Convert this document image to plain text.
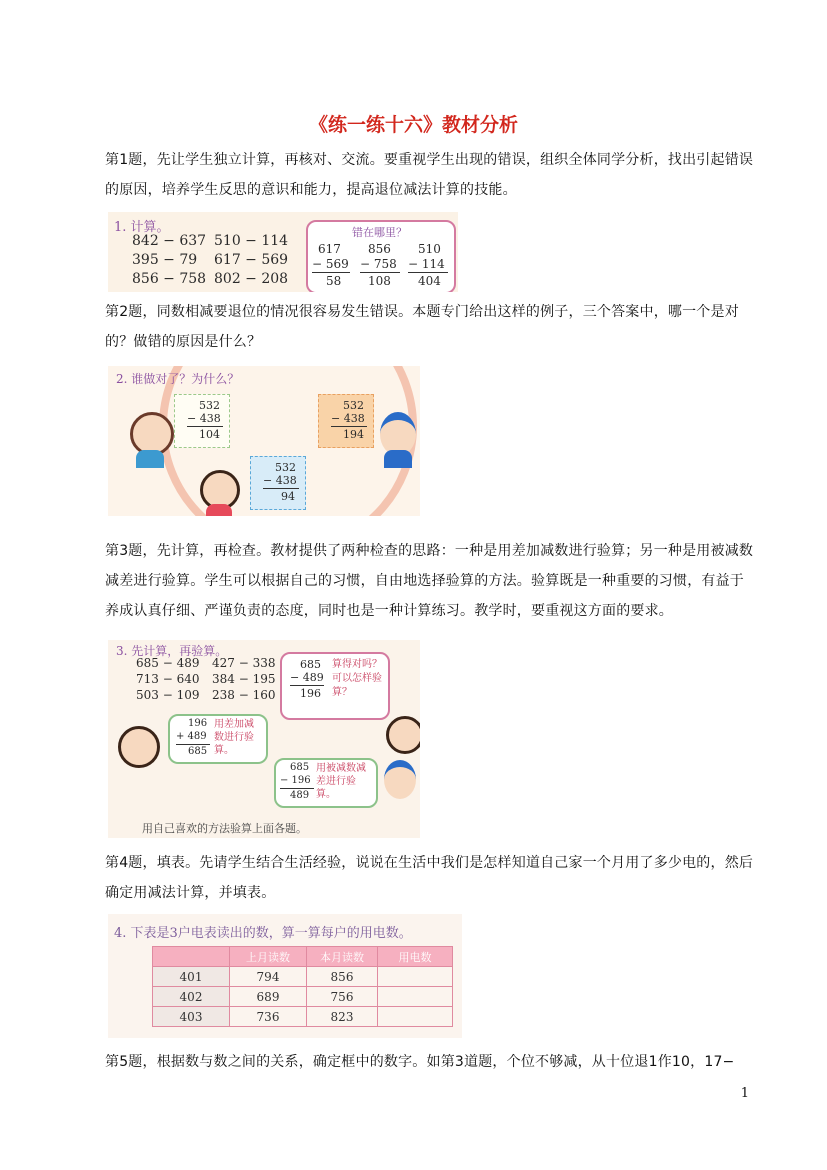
《练一练十六》教材分析
第1题，先让学生独立计算，再核对、交流。要重视学生出现的错误，组织全体同学分析，找出引起错误的原因，培养学生反思的意识和能力，提高退位减法计算的技能。
1. 计算。
842 − 637 510 − 114
395 − 79 617 − 569
856 − 758 802 − 208
错在哪里？
617
− 569
58
856
− 758
108
510
− 114
404
第2题，同数相减要退位的情况很容易发生错误。本题专门给出这样的例子，三个答案中，哪一个是对的？做错的原因是什么？
2. 谁做对了？为什么？
532
− 438
104
532
− 438
194
532
− 438
94
第3题，先计算，再检查。教材提供了两种检查的思路：一种是用差加减数进行验算；另一种是用被减数减差进行验算。学生可以根据自己的习惯，自由地选择验算的方法。验算既是一种重要的习惯，有益于养成认真仔细、严谨负责的态度，同时也是一种计算练习。教学时，要重视这方面的要求。
3. 先计算，再验算。
685 − 489 427 − 338
713 − 640 384 − 195
503 − 109 238 − 160
685
− 489
196
算得对吗？可以怎样验算？
196
+ 489
685
用差加减数进行验算。
685
− 196
489
用被减数减差进行验算。
用自己喜欢的方法验算上面各题。
第4题，填表。先请学生结合生活经验，说说在生活中我们是怎样知道自己家一个月用了多少电的，然后确定用减法计算，并填表。
4. 下表是3户电表读出的数，算一算每户的用电数。
	上月读数	本月读数	用电数
401	794	856	
402	689	756	
403	736	823	
第5题，根据数与数之间的关系，确定框中的数字。如第3道题，个位不够减，从十位退1作10，17−
1
